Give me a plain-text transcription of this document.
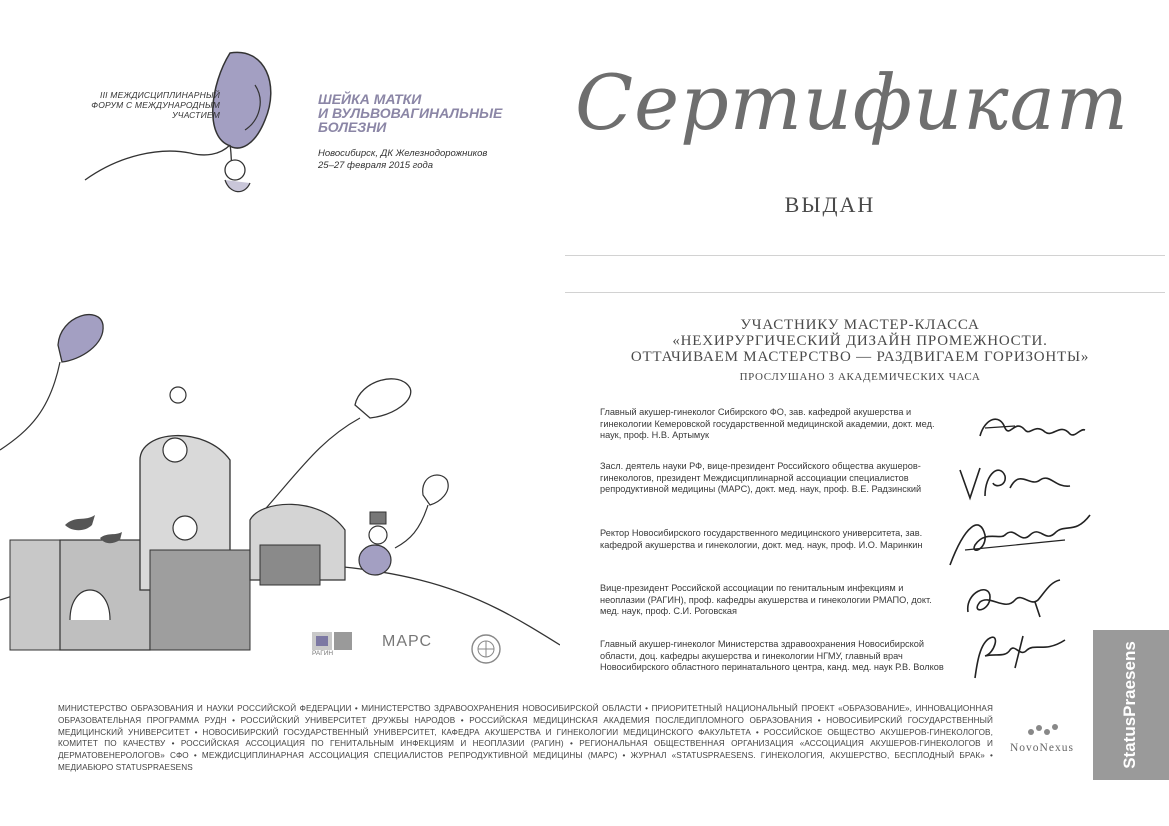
III МЕЖДИСЦИПЛИНАРНЫЙ
ФОРУМ С МЕЖДУНАРОДНЫМ
УЧАСТИЕМ
ШЕЙКА МАТКИ
И ВУЛЬВОВАГИНАЛЬНЫЕ
БОЛЕЗНИ
Новосибирск, ДК Железнодорожников
25–27 февраля 2015 года
Сертификат
ВЫДАН
УЧАСТНИКУ МАСТЕР-КЛАССА
«НЕХИРУРГИЧЕСКИЙ ДИЗАЙН ПРОМЕЖНОСТИ.
ОТТАЧИВАЕМ МАСТЕРСТВО — РАЗДВИГАЕМ ГОРИЗОНТЫ»
ПРОСЛУШАНО 3 АКАДЕМИЧЕСКИХ ЧАСА
Главный акушер-гинеколог Сибирского ФО, зав. кафедрой акушерства и гинекологии Кемеровской государственной медицинской академии, докт. мед. наук, проф. Н.В. Артымук
Засл. деятель науки РФ, вице-президент Российского общества акушеров-гинекологов, президент Междисциплинарной ассоциации специалистов репродуктивной медицины (МАРС), докт. мед. наук, проф. В.Е. Радзинский
Ректор Новосибирского государственного медицинского университета, зав. кафедрой акушерства и гинекологии, докт. мед. наук, проф. И.О. Маринкин
Вице-президент Российской ассоциации по генитальным инфекциям и неоплазии (РАГИН), проф. кафедры акушерства и гинекологии РМАПО, докт. мед. наук, проф. С.И. Роговская
Главный акушер-гинеколог Министерства здравоохранения Новосибирской области, доц. кафедры акушерства и гинекологии НГМУ, главный врач Новосибирского областного перинатального центра, канд. мед. наук Р.В. Волков
РАГИН
МАРС
МИНИСТЕРСТВО ОБРАЗОВАНИЯ И НАУКИ РОССИЙСКОЙ ФЕДЕРАЦИИ • МИНИСТЕРСТВО ЗДРАВООХРАНЕНИЯ НОВОСИБИРСКОЙ ОБЛАСТИ • ПРИОРИТЕТНЫЙ НАЦИОНАЛЬНЫЙ ПРОЕКТ «ОБРАЗОВАНИЕ», ИННОВАЦИОННАЯ ОБРАЗОВАТЕЛЬНАЯ ПРОГРАММА РУДН • РОССИЙСКИЙ УНИВЕРСИТЕТ ДРУЖБЫ НАРОДОВ • РОССИЙСКАЯ МЕДИЦИНСКАЯ АКАДЕМИЯ ПОСЛЕДИПЛОМНОГО ОБРАЗОВАНИЯ • НОВОСИБИРСКИЙ ГОСУДАРСТВЕННЫЙ МЕДИЦИНСКИЙ УНИВЕРСИТЕТ • НОВОСИБИРСКИЙ ГОСУДАРСТВЕННЫЙ УНИВЕРСИТЕТ, КАФЕДРА АКУШЕРСТВА И ГИНЕКОЛОГИИ МЕДИЦИНСКОГО ФАКУЛЬТЕТА • РОССИЙСКОЕ ОБЩЕСТВО АКУШЕРОВ-ГИНЕКОЛОГОВ, КОМИТЕТ ПО КАЧЕСТВУ • РОССИЙСКАЯ АССОЦИАЦИЯ ПО ГЕНИТАЛЬНЫМ ИНФЕКЦИЯМ И НЕОПЛАЗИИ (РАГИН) • РЕГИОНАЛЬНАЯ ОБЩЕСТВЕННАЯ ОРГАНИЗАЦИЯ «АССОЦИАЦИЯ АКУШЕРОВ-ГИНЕКОЛОГОВ И ДЕРМАТОВЕНЕРОЛОГОВ» СФО • МЕЖДИСЦИПЛИНАРНАЯ АССОЦИАЦИЯ СПЕЦИАЛИСТОВ РЕПРОДУКТИВНОЙ МЕДИЦИНЫ (МАРС) • ЖУРНАЛ «STATUSPRAESENS. ГИНЕКОЛОГИЯ, АКУШЕРСТВО, БЕСПЛОДНЫЙ БРАК» • МЕДИАБЮРО STATUSPRAESENS
NovoNexus	StatusPraesens
